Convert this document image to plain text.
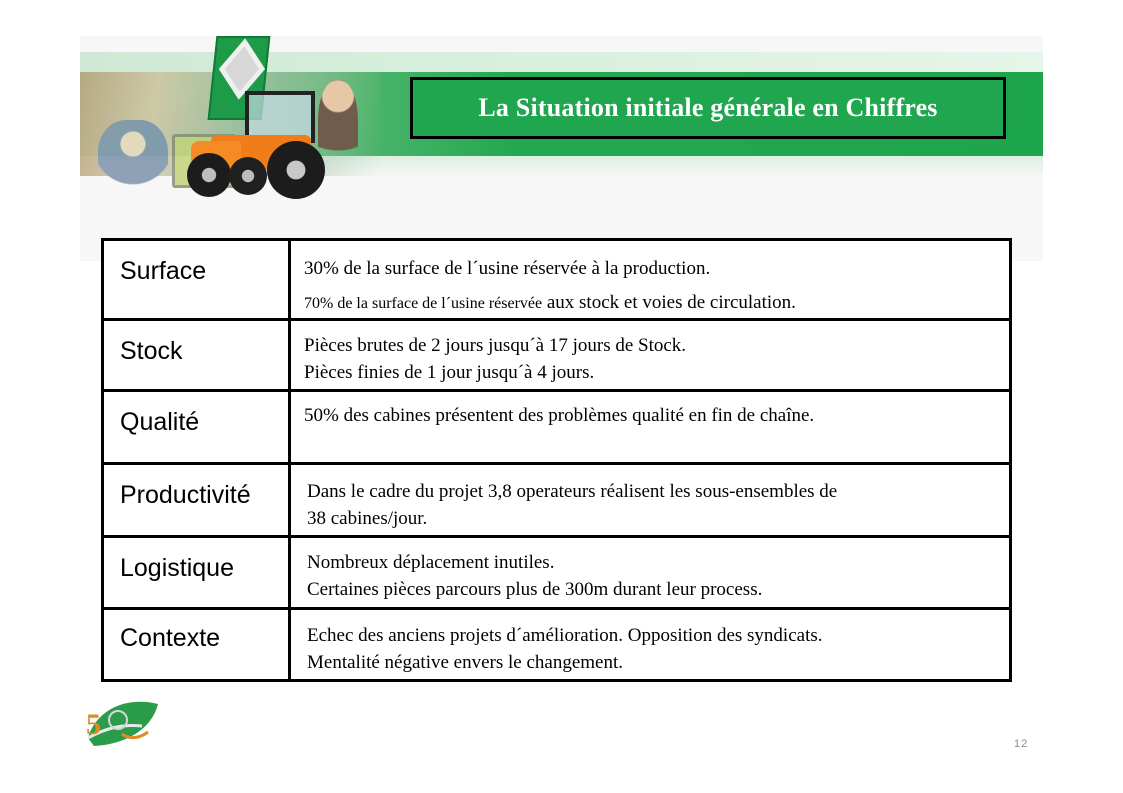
La Situation initiale générale en Chiffres
Surface	30% de la surface de l´usine réservée à la production.
70% de la surface de l´usine réservée aux stock et voies de circulation.
Stock	Pièces brutes de 2 jours jusqu´à 17 jours de Stock.
Pièces finies de 1 jour jusqu´à 4 jours.
Qualité	50% des cabines présentent des problèmes qualité en fin de chaîne.
Productivité	Dans le cadre du projet 3,8 operateurs réalisent les sous-ensembles de
38 cabines/jour.
Logistique	Nombreux déplacement inutiles.
Certaines pièces parcours plus de 300m durant leur process.
Contexte	Echec des anciens projets d´amélioration. Opposition des syndicats.
Mentalité négative envers le changement.
5
12
